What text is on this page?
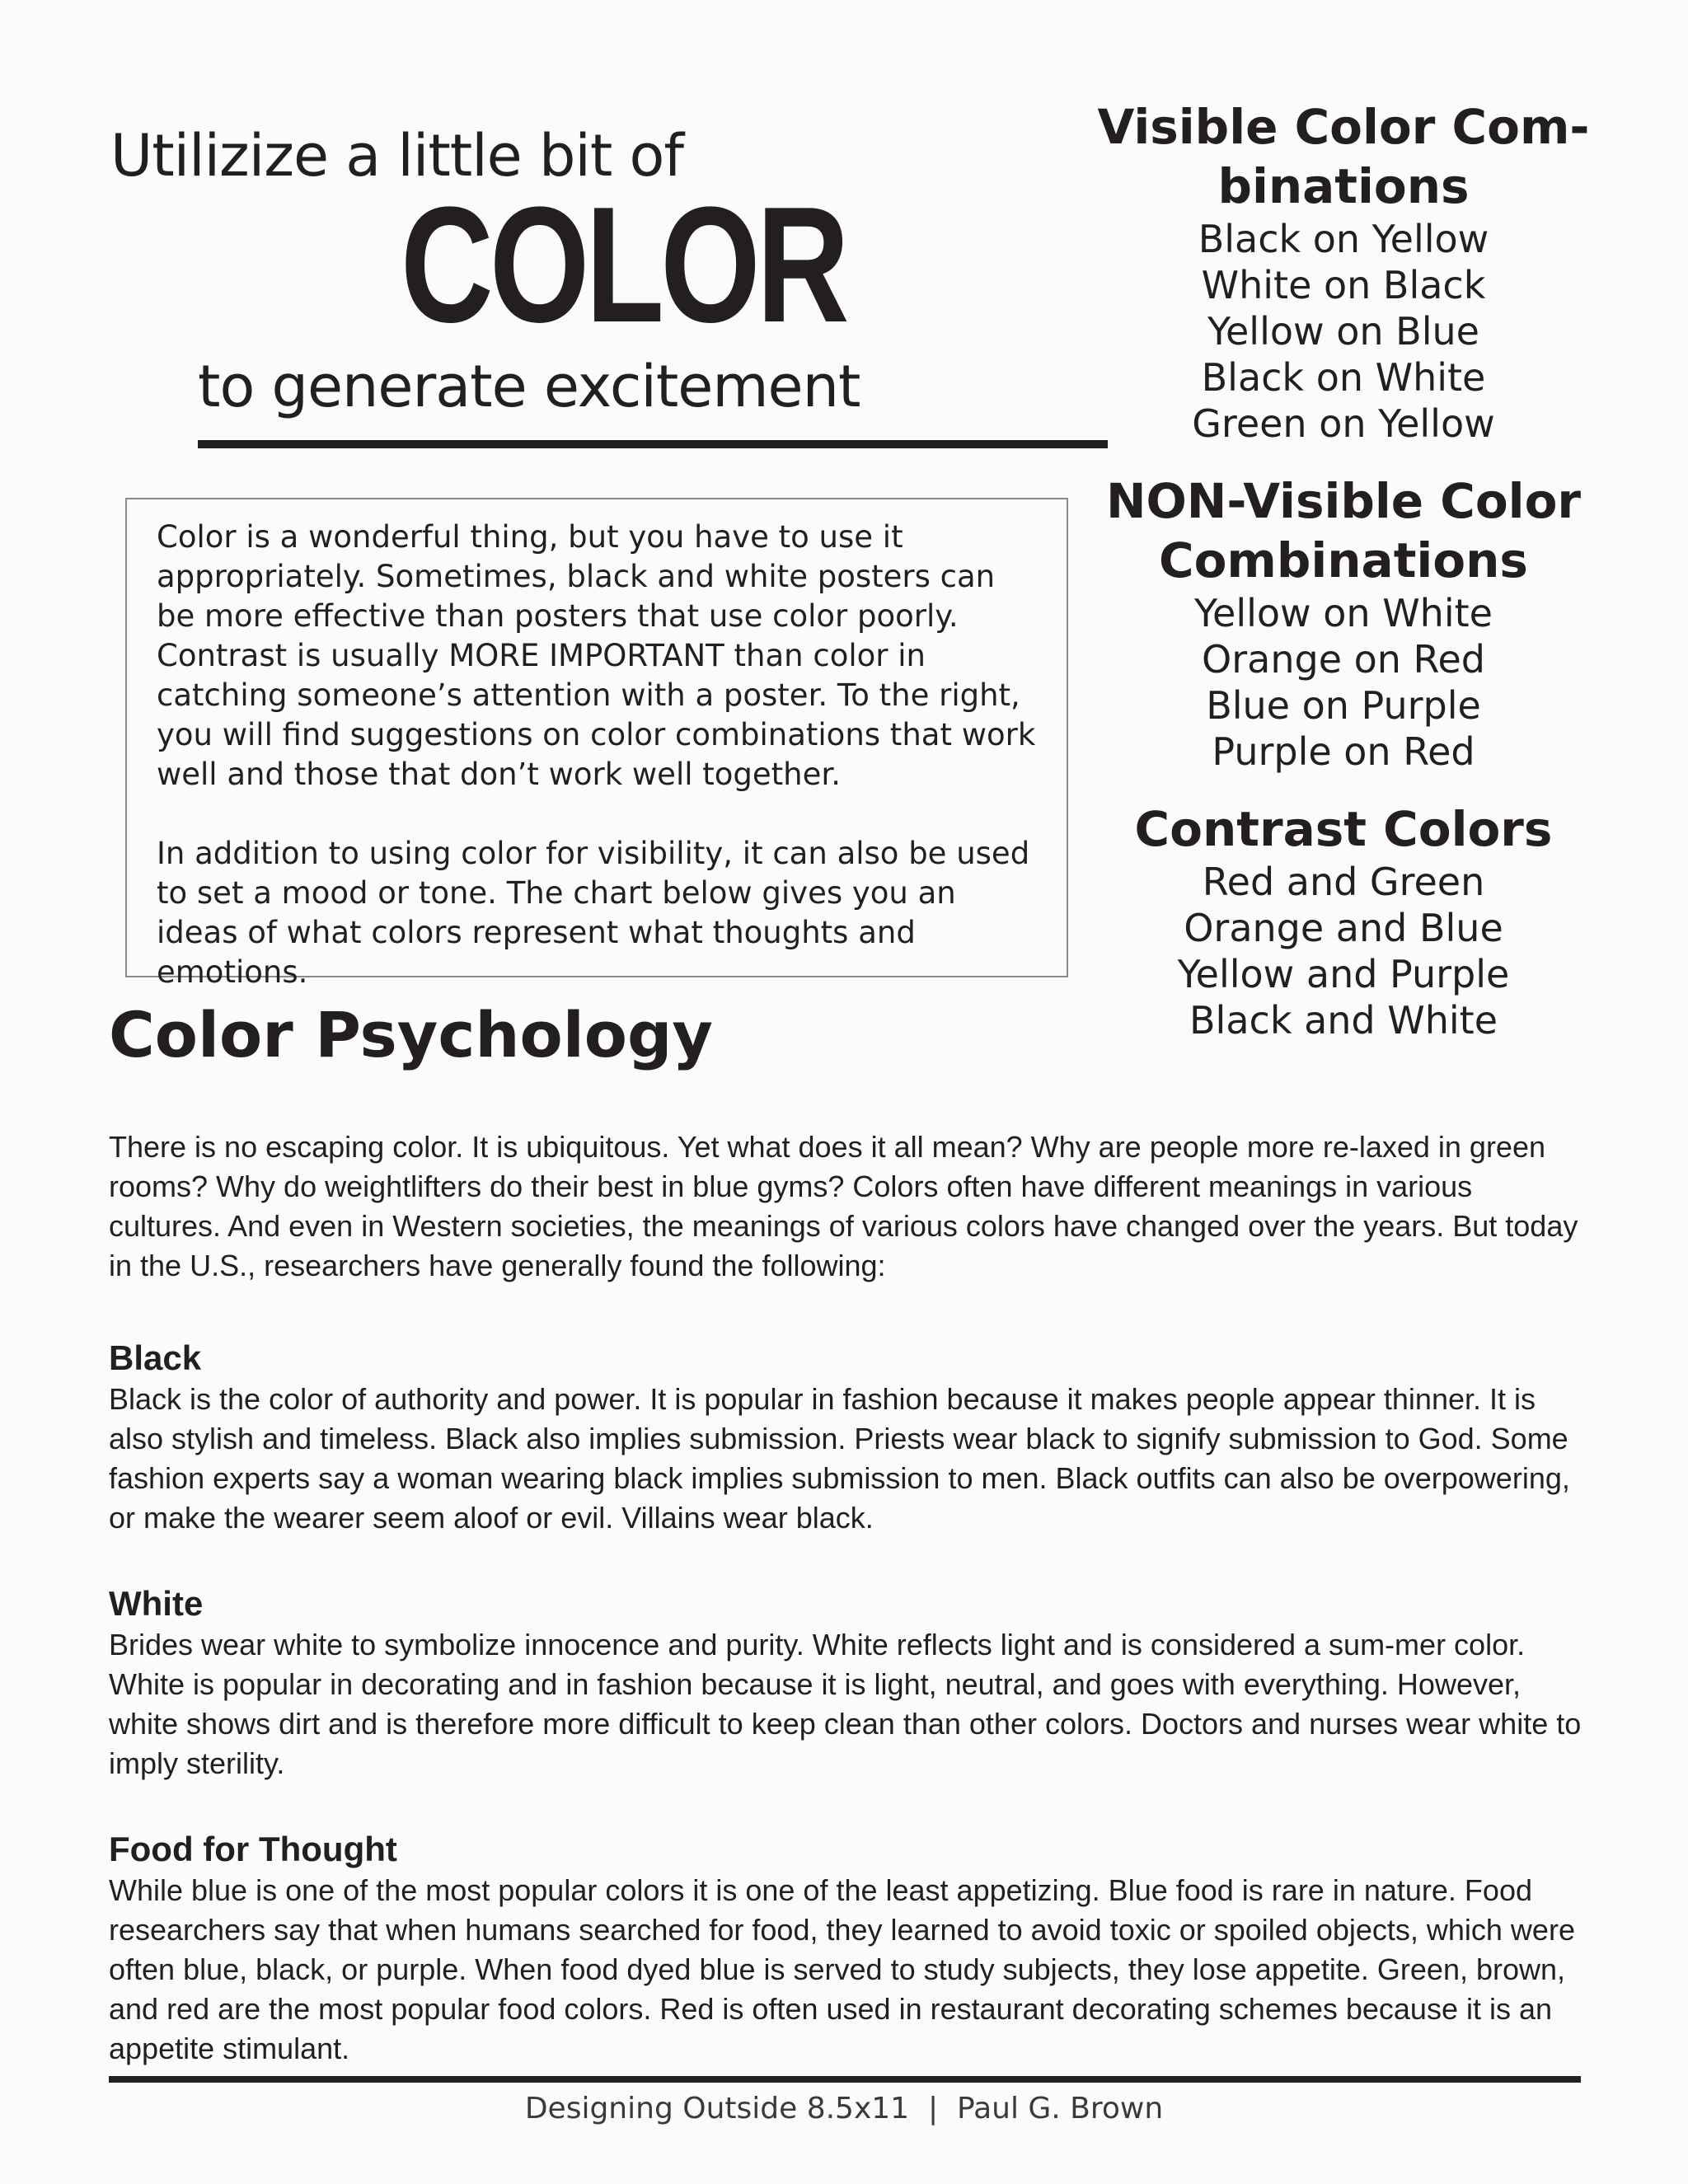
Utilizize a little bit of
COLOR
to generate excitement
Visible Color Com-
binations
Black on Yellow
White on Black
Yellow on Blue
Black on White
Green on Yellow
NON-Visible Color
Combinations
Yellow on White
Orange on Red
Blue on Purple
Purple on Red
Contrast Colors
Red and Green
Orange and Blue
Yellow and Purple
Black and White

Color is a wonderful thing, but you have to use it appropriately. Sometimes, black and white posters can be more effective than posters that use color poorly. Contrast is usually MORE IMPORTANT than color in catching someone’s attention with a poster. To the right, you will find suggestions on color combinations that work well and those that don’t work well together.

In addition to using color for visibility, it can also be used to set a mood or tone. The chart below gives you an ideas of what colors represent what thoughts and emotions.

Color Psychology

There is no escaping color. It is ubiquitous. Yet what does it all mean? Why are people more re-laxed in green rooms? Why do weightlifters do their best in blue gyms? Colors often have different meanings in various cultures. And even in Western societies, the meanings of various colors have changed over the years. But today in the U.S., researchers have generally found the following:

Black

Black is the color of authority and power. It is popular in fashion because it makes people appear thinner. It is also stylish and timeless. Black also implies submission. Priests wear black to signify submission to God. Some fashion experts say a woman wearing black implies submission to men. Black outfits can also be overpowering, or make the wearer seem aloof or evil. Villains wear black.

White

Brides wear white to symbolize innocence and purity. White reflects light and is considered a sum-mer color. White is popular in decorating and in fashion because it is light, neutral, and goes with everything. However, white shows dirt and is therefore more difficult to keep clean than other colors. Doctors and nurses wear white to imply sterility.

Food for Thought

While blue is one of the most popular colors it is one of the least appetizing. Blue food is rare in nature. Food researchers say that when humans searched for food, they learned to avoid toxic or spoiled objects, which were often blue, black, or purple. When food dyed blue is served to study subjects, they lose appetite. Green, brown, and red are the most popular food colors. Red is often used in restaurant decorating schemes because it is an appetite stimulant.

Designing Outside 8.5x11  |  Paul G. Brown
